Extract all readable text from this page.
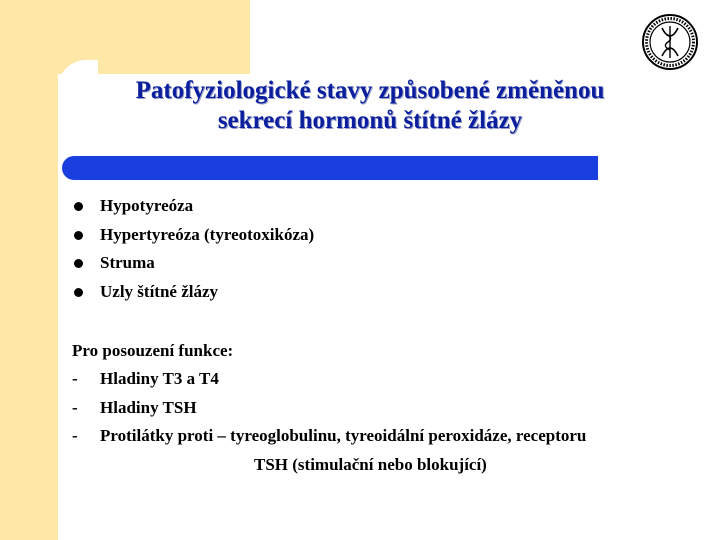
Patofyziologické stavy způsobené změněnou
sekrecí hormonů štítné žlázy
Hypotyreóza
Hypertyreóza (tyreotoxikóza)
Struma
Uzly štítné žlázy
Pro posouzení funkce:
- Hladiny T3 a T4
- Hladiny TSH
- Protilátky proti – tyreoglobulinu, tyreoidální peroxidáze, receptoru
TSH (stimulační nebo blokující)
